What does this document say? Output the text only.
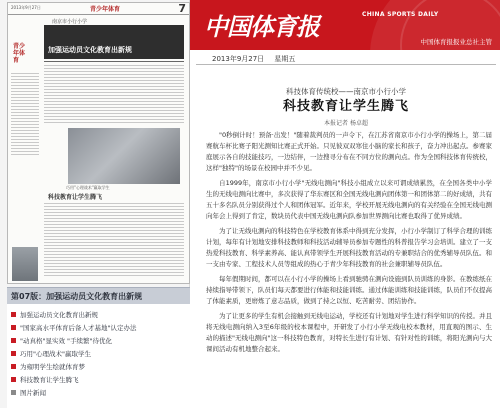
2013年9月27日	青少年体育	7
青少年体育
南京市小行小学
加强运动员文化教育出新规
巧用"心理战术"赢取学生
科技教育让学生腾飞
第07版：加强运动员文化教育出新规
加强运动员文化教育出新规
"国家高水平体育后备人才基地"认定办法
"动真格"显实效 "手续繁"待优化
巧用"心理战术"赢取学生
为雍明学生绘就体育梦
科技教育让学生腾飞
图片新闻
中国体育报	CHINA SPORTS DAILY
中国体育报报业总社主管
2013年9月27日 星期五
科技体育传统校——南京市小行小学
科技教育让学生腾飞
本报记者 杨卓超

"0秒倒计时！预备·出发！"随着裁判员的一声令下，在江苏省南京市小行小学的操场上，第二届赛航车杯比赛子阳光测知比赛正式开始。只见彼双双寒住小脑的家长和孩子，奋力冲出起点。参赛家庭展示各自的技能技巧，一边结伴，一边搜寻分布在不同方位的测向点。作为全国科技体育传统校，这样"独特"的场景在校园中并不少见。

自1999年，南京市小行小学"无线电测向"科技小组成立以来可谓成绩累然，在全国各类中小学生的无线电测向比赛中，多次获得了华东赛区和全国无线电测向团体第一和团体第二的好成绩，共有五十多名队员分别获得过个人和团体冠军。近年来，学校开展无线电测向的有关经验在全国无线电测向年会上得到了肯定，数块员代表中国无线电测向队参加世界测向比赛也取得了优异成绩。

为了让无线电测向的科技特色在学校教育体系中得到充分发挥，小行小学制订了科学合理的训练计划，每年有计划地安排科技教师和科技活动辅导员参加专题性的科普报告学习会培训。建立了一支热爱科技教育、科学素养高、能认真带领学生开展科技教育活动的专兼职结合的优秀辅导员队伍。和一支由专家、工程技术人员等组成的热心于青少年科技教育的社会兼职辅导员队伍。

每年假期时间，都可以在小行小学的操场上看到驰骋在测向设施到队员训练的身影。在教练纸在持续指导带领下，队员们每天都要进行体能和技能训练。通过体能训练和技能训练，队员们不仅提高了体能素质，更磨炼了意志品质，做到了持之以恒、吃苦耐劳、团结协作。

为了让更多的学生有机会接触到无线电运动，学校还有计划地对学生进行科学知识的传授。并且将无线电测向纳入3至6年级的校本课程中，开研发了小行小学无线电校本教材，用直观的图示、生动的描述"无线电测向"这一科技特色教育，对特长生进行有计划、有针对性的训练，将阳光测向与大课间活动有机地整合起来。
